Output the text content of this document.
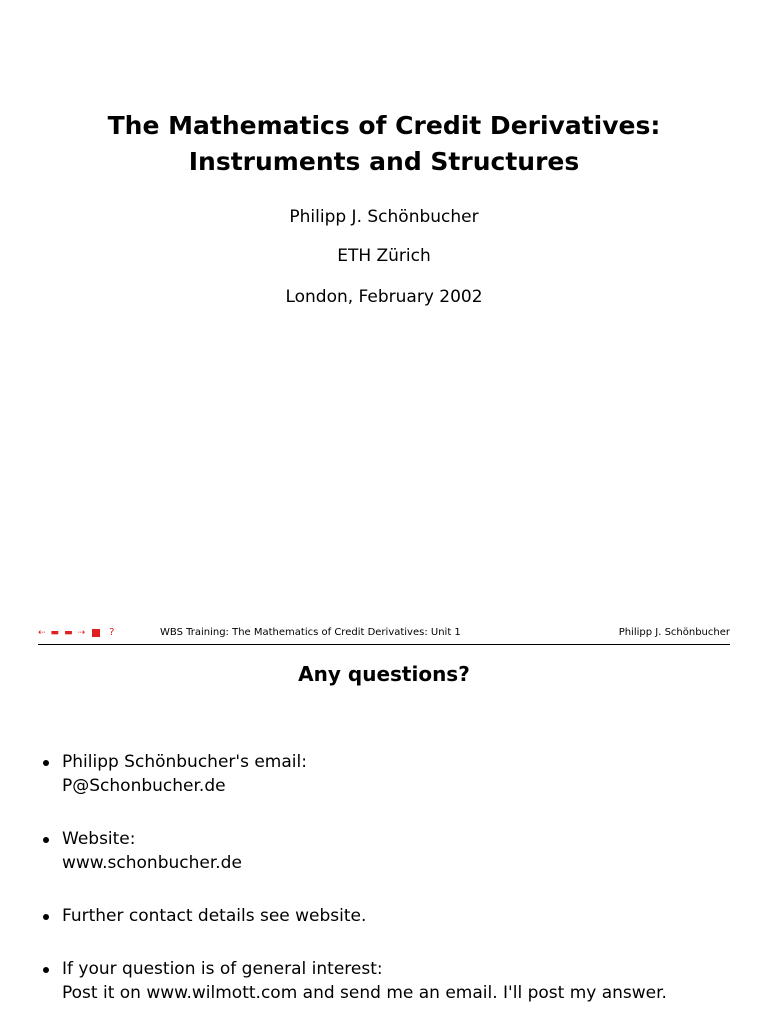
The Mathematics of Credit Derivatives:
Instruments and Structures
Philipp J. Schönbucher
ETH Zürich
London, February 2002
⇠ ▬ ▬ ⇢ ?	WBS Training: The Mathematics of Credit Derivatives: Unit 1	Philipp J. Schönbucher
Any questions?
Philipp Schönbucher's email:
P@Schonbucher.de
Website:
www.schonbucher.de
Further contact details see website.
If your question is of general interest:
Post it on www.wilmott.com and send me an email. I'll post my answer.
